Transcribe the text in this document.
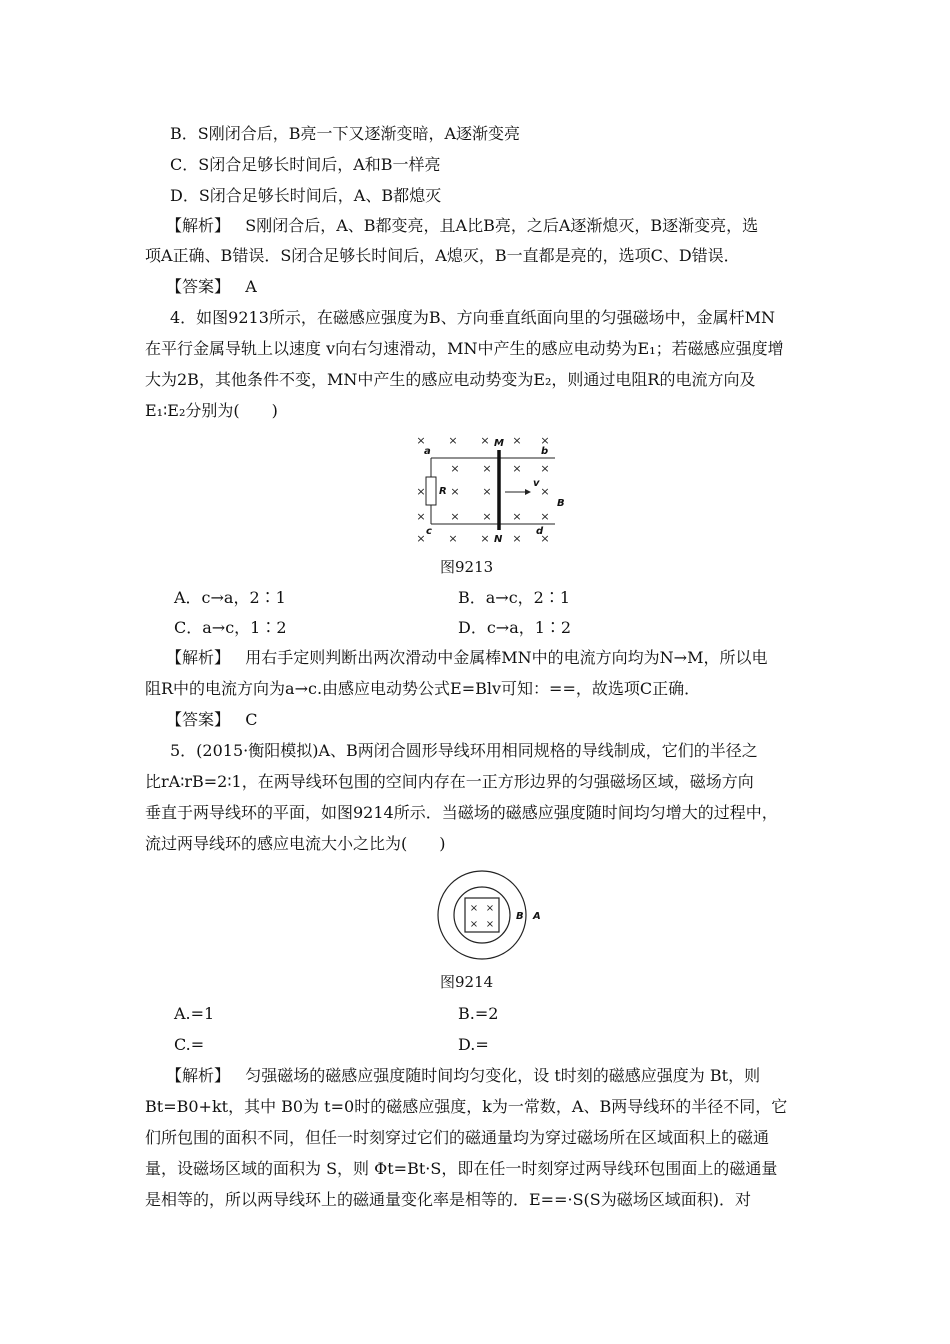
B．S刚闭合后，B亮一下又逐渐变暗，A逐渐变亮
C．S闭合足够长时间后，A和B一样亮
D．S闭合足够长时间后，A、B都熄灭
【解析】 S刚闭合后，A、B都变亮，且A比B亮，之后A逐渐熄灭，B逐渐变亮，选
项A正确、B错误．S闭合足够长时间后，A熄灭，B一直都是亮的，选项C、D错误．
【答案】 A
4．如图9213所示，在磁感应强度为B、方向垂直纸面向里的匀强磁场中，金属杆MN
在平行金属导轨上以速度 v向右匀速滑动，MN中产生的感应电动势为E₁；若磁感应强度增
大为2B，其他条件不变，MN中产生的感应电动势变为E₂，则通过电阻R的电流方向及
E₁∶E₂分别为(　　)
× × × × ×
× × × ×
× × ×	×
× × × × ×
× × × × ×
a	b
c	d
M
N
R
v
B
图9213
A．c→a，2∶1	B．a→c，2∶1
C．a→c，1∶2	D．c→a，1∶2
【解析】 用右手定则判断出两次滑动中金属棒MN中的电流方向均为N→M，所以电
阻R中的电流方向为a→c.由感应电动势公式E=Blv可知：==，故选项C正确．
【答案】 C
5．(2015·衡阳模拟)A、B两闭合圆形导线环用相同规格的导线制成，它们的半径之
比rA∶rB=2∶1，在两导线环包围的空间内存在一正方形边界的匀强磁场区域，磁场方向
垂直于两导线环的平面，如图9214所示．当磁场的磁感应强度随时间均匀增大的过程中，
流过两导线环的感应电流大小之比为(　　)
× ×
× ×
B A
图9214
A.=1	B.=2
C.=	D.=
【解析】 匀强磁场的磁感应强度随时间均匀变化，设 t时刻的磁感应强度为 Bt，则
Bt=B0+kt，其中 B0为 t=0时的磁感应强度，k为一常数，A、B两导线环的半径不同，它
们所包围的面积不同，但任一时刻穿过它们的磁通量均为穿过磁场所在区域面积上的磁通
量，设磁场区域的面积为 S，则 Φt=Bt·S，即在任一时刻穿过两导线环包围面上的磁通量
是相等的，所以两导线环上的磁通量变化率是相等的．E==·S(S为磁场区域面积)．对
